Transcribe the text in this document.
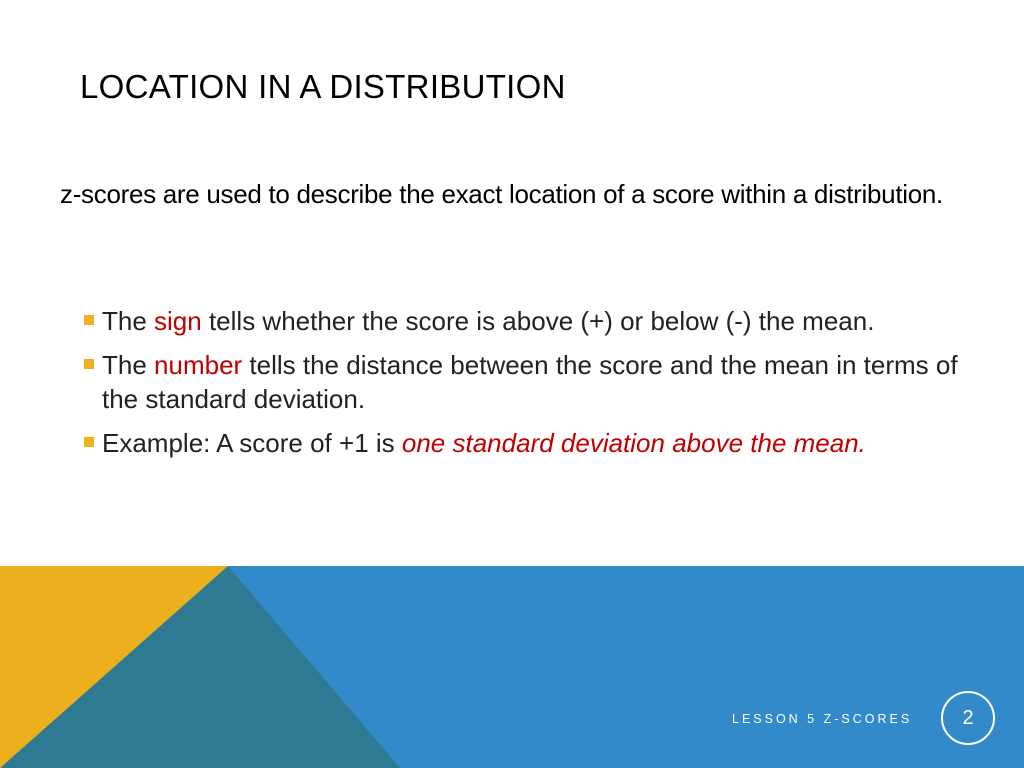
LOCATION IN A DISTRIBUTION

z-scores are used to describe the exact location of a score within a distribution.

The sign tells whether the score is above (+) or below (-) the mean.
The number tells the distance between the score and the mean in terms of the standard deviation.
Example: A score of +1 is one standard deviation above the mean.
LESSON 5 Z-SCORES	2
